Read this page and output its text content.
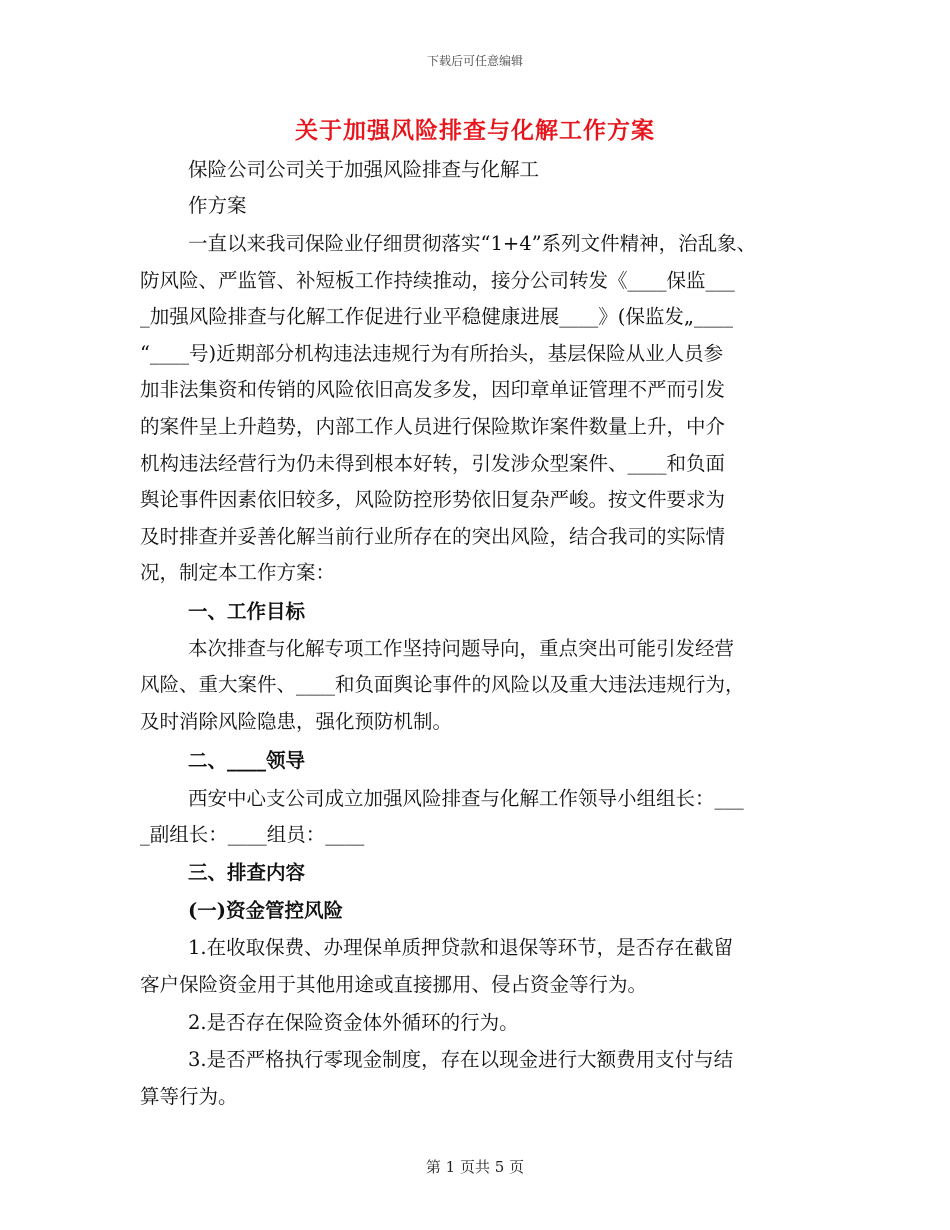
下载后可任意编辑
关于加强风险排查与化解工作方案
保险公司公司关于加强风险排查与化解工
作方案
一直以来我司保险业仔细贯彻落实“1+4”系列文件精神，治乱象、
防风险、严监管、补短板工作持续推动，接分公司转发《____保监___
_加强风险排查与化解工作促进行业平稳健康进展____》(保监发„____
“____号)近期部分机构违法违规行为有所抬头，基层保险从业人员参
加非法集资和传销的风险依旧高发多发，因印章单证管理不严而引发
的案件呈上升趋势，内部工作人员进行保险欺诈案件数量上升，中介
机构违法经营行为仍未得到根本好转，引发涉众型案件、____和负面
舆论事件因素依旧较多，风险防控形势依旧复杂严峻。按文件要求为
及时排查并妥善化解当前行业所存在的突出风险，结合我司的实际情
况，制定本工作方案：
一、工作目标
本次排查与化解专项工作坚持问题导向，重点突出可能引发经营
风险、重大案件、____和负面舆论事件的风险以及重大违法违规行为，
及时消除风险隐患，强化预防机制。
二、____领导
西安中心支公司成立加强风险排查与化解工作领导小组组长：___
_副组长：____组员：____
三、排查内容
(一)资金管控风险
1.在收取保费、办理保单质押贷款和退保等环节，是否存在截留
客户保险资金用于其他用途或直接挪用、侵占资金等行为。
2.是否存在保险资金体外循环的行为。
3.是否严格执行零现金制度，存在以现金进行大额费用支付与结
算等行为。
第 1 页共 5 页
